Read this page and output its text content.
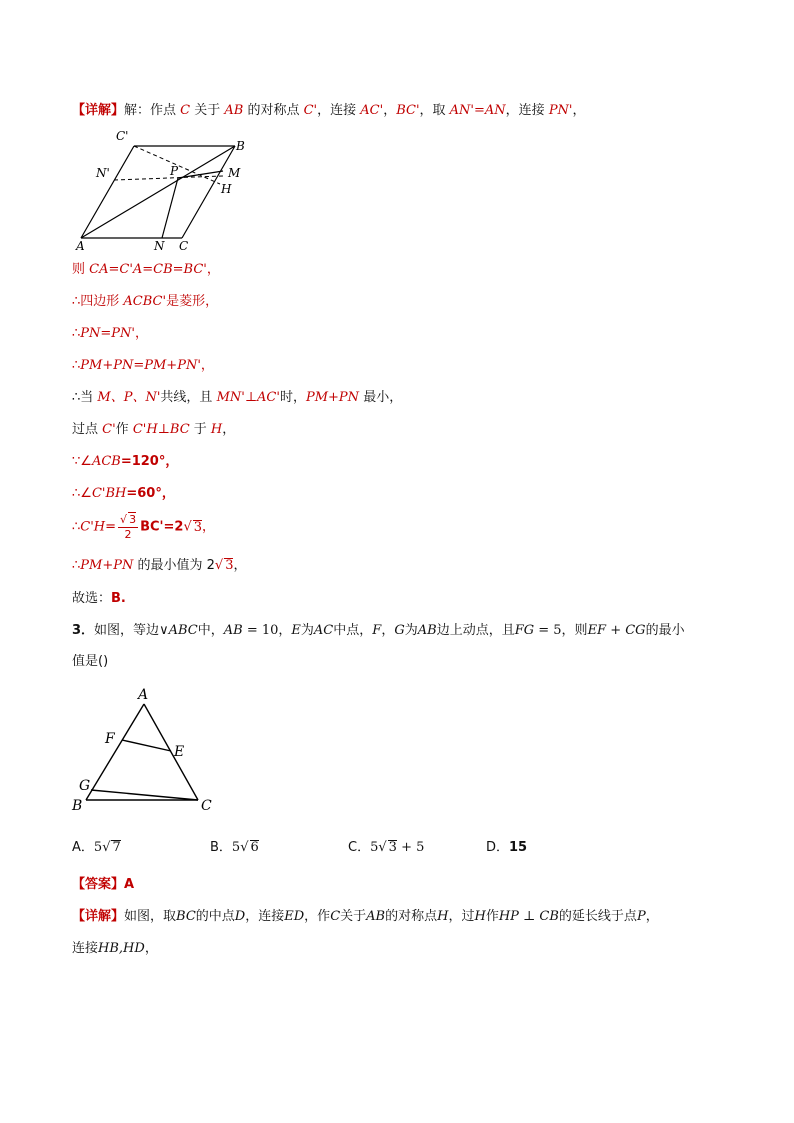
【详解】解：作点 C 关于 AB 的对称点 C'，连接 AC'，BC'，取 AN'=AN，连接 PN'，
C'
B
N'	P	M
H
A	N C
则 CA=C'A=CB=BC'，
∴四边形 ACBC'是菱形，
∴PN=PN'，
∴PM+PN=PM+PN'，
∴当 M、P、N'共线，且 MN'⊥AC'时，PM+PN 最小，
过点 C'作 C'H⊥BC 于 H，
∵∠ACB=120°，
∴∠C'BH=60°，
∴C'H= $\frac{√ 3}{2} BC'=2√$ 3，
∴PM+PN 的最小值为 2√ 3，
故选：B.
3．如图，等边∨ABC中，AB = 10，E为AC中点，F，G为AB边上动点，且FG = 5，则EF + CG的最小
值是()
A
F
E
G
B	C
A．5√ 7	B．5√ 6	C．5√ 3 + 5	D．15
【答案】A
【详解】如图，取BC的中点D，连接ED，作C关于AB的对称点H，过H作HP ⊥ CB的延长线于点P，
连接HB,HD，
